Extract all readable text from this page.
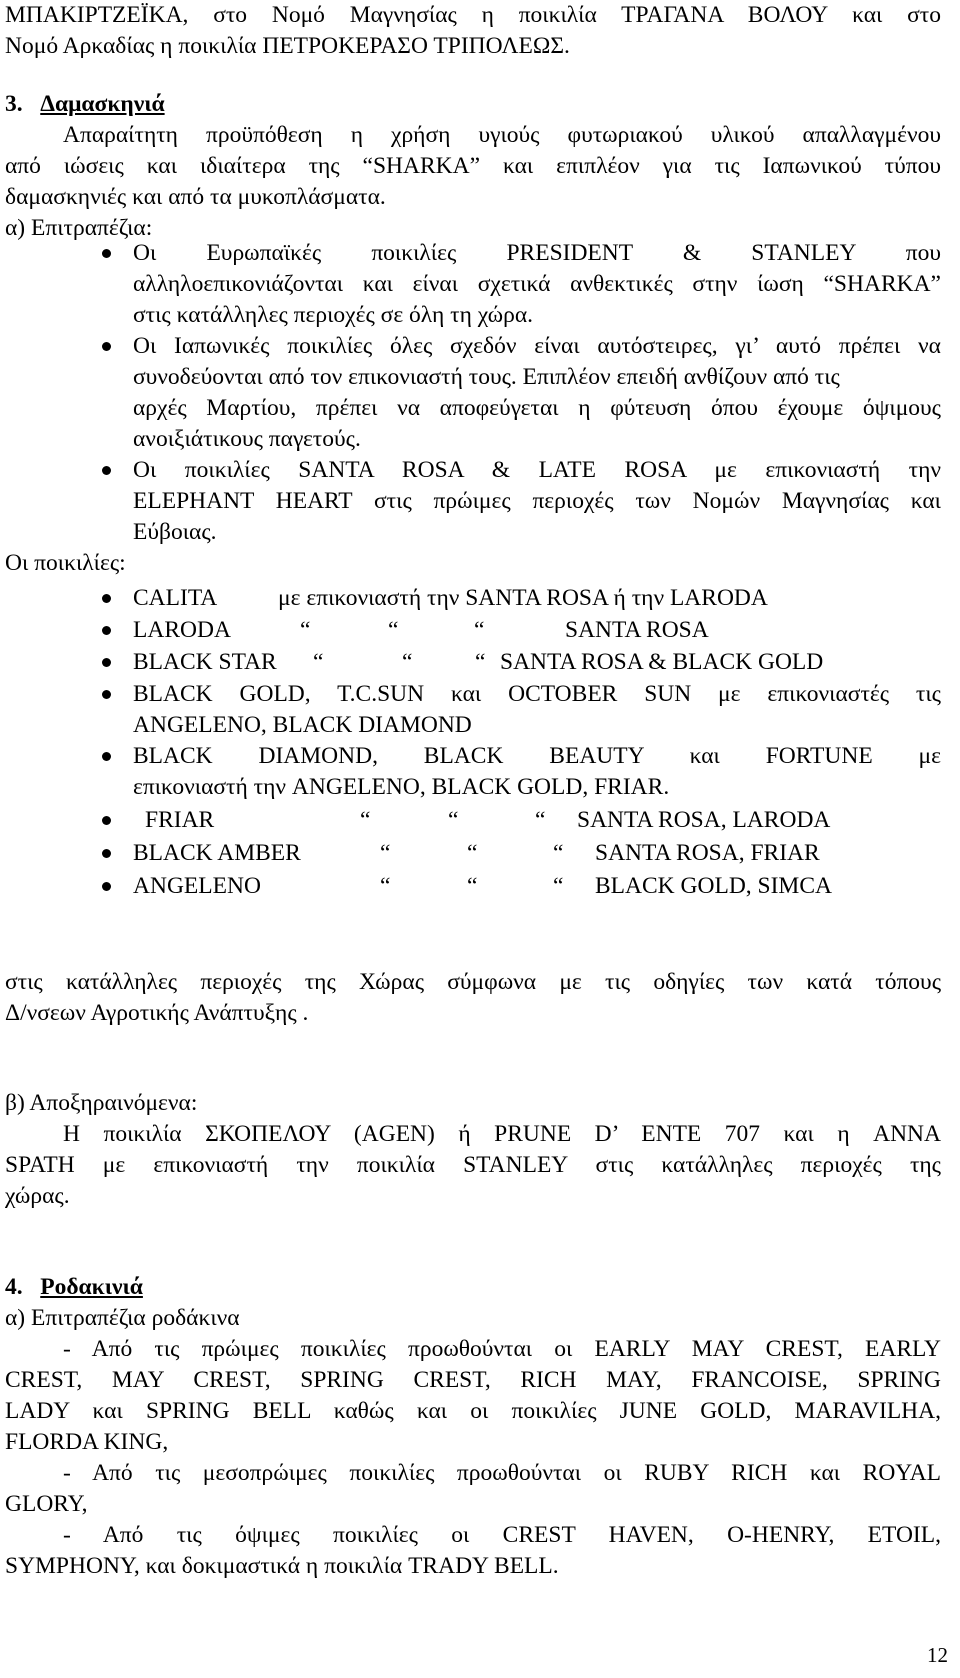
ΜΠΑΚΙΡΤΖΕΪΚΑ, στο Νομό Μαγνησίας η ποικιλία ΤΡΑΓΑΝΑ ΒΟΛΟΥ και στο
Νομό Αρκαδίας η ποικιλία ΠΕΤΡΟΚΕΡΑΣΟ ΤΡΙΠΟΛΕΩΣ.
3. Δαμασκηνιά
Απαραίτητη προϋπόθεση η χρήση υγιούς φυτωριακού υλικού απαλλαγμένου
από ιώσεις και ιδιαίτερα της “SHARKA” και επιπλέον για τις Ιαπωνικού τύπου
δαμασκηνιές και από τα μυκοπλάσματα.
α) Επιτραπέζια:
Οι Ευρωπαϊκές ποικιλίες PRESIDENT & STANLEY που
αλληλοεπικονιάζονται και είναι σχετικά ανθεκτικές στην ίωση “SHARKA”
στις κατάλληλες περιοχές σε όλη τη χώρα.
Οι Ιαπωνικές ποικιλίες όλες σχεδόν είναι αυτόστειρες, γι’ αυτό πρέπει να
συνοδεύονται από τον επικονιαστή τους. Επιπλέον επειδή ανθίζουν από τις
αρχές Μαρτίου, πρέπει να αποφεύγεται η φύτευση όπου έχουμε όψιμους
ανοιξιάτικους παγετούς.
Οι ποικιλίες SANTA ROSA & LATE ROSA με επικονιαστή την
ELEPHANT HEART στις πρώιμες περιοχές των Νομών Μαγνησίας και
Εύβοιας.
Οι ποικιλίες:
CALITA	με επικονιαστή την SANTA ROSA ή την LARODA
LARODA	“	“	“	SANTA ROSA
BLACK STAR “	“	“ SANTA ROSA & BLACK GOLD
BLACK GOLD, T.C.SUN και OCTOBER SUN με επικονιαστές τις
ANGELENO, BLACK DIAMOND
BLACK DIAMOND, BLACK BEAUTY και FORTUNE με
επικονιαστή την ANGELENO, BLACK GOLD, FRIAR.
FRIAR	“	“	“ SANTA ROSA, LARODA
BLACK AMBER	“	“	“ SANTA ROSA, FRIAR
ANGELENO	“	“	“ BLACK GOLD, SIMCA
στις κατάλληλες περιοχές της Χώρας σύμφωνα με τις οδηγίες των κατά τόπους
Δ/νσεων Αγροτικής Ανάπτυξης .
β) Αποξηραινόμενα:
Η ποικιλία ΣΚΟΠΕΛΟΥ (AGEN) ή PRUNE D’ ENTE 707 και η ANNA
SPATH με επικονιαστή την ποικιλία STANLEY στις κατάλληλες περιοχές της
χώρας.
4. Ροδακινιά
α) Επιτραπέζια ροδάκινα
- Από τις πρώιμες ποικιλίες προωθούνται οι EARLY MAY CREST, EARLY
CREST, MAY CREST, SPRING CREST, RICH MAY, FRANCOISE, SPRING
LADY και SPRING BELL καθώς και οι ποικιλίες JUNE GOLD, MARAVILHA,
FLORDA KING,
- Από τις μεσοπρώιμες ποικιλίες προωθούνται οι RUBY RICH και ROYAL
GLORY,
- Από τις όψιμες ποικιλίες οι CREST HAVEN, O-HENRY, ETOIL,
SYMPHONY, και δοκιμαστικά η ποικιλία TRADY BELL.
12
